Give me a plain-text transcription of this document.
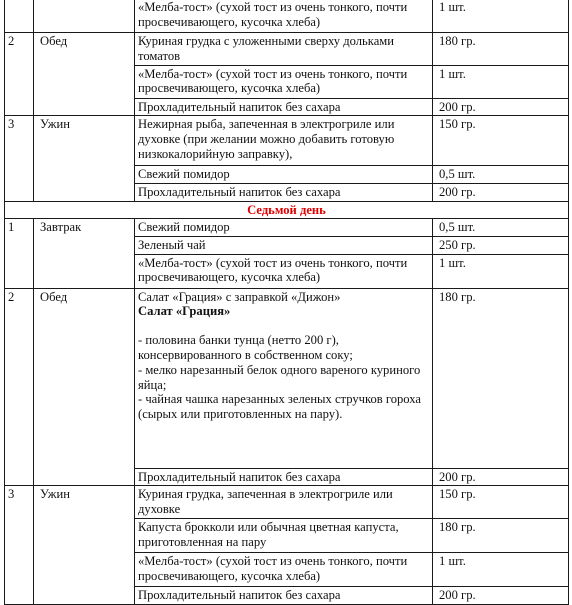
		«Мелба-тост» (сухой тост из очень тонкого, почти просвечивающего, кусочка хлеба)	1 шт.
2	Обед	Куриная грудка с уложенными сверху дольками томатов	180 гр.
		«Мелба-тост» (сухой тост из очень тонкого, почти просвечивающего, кусочка хлеба)	1 шт.
		Прохладительный напиток без сахара	200 гр.
3	Ужин	Нежирная рыба, запеченная в электрогриле или духовке (при желании можно добавить готовую низкокалорийную заправку),	150 гр.
		Свежий помидор	0,5 шт.
		Прохладительный напиток без сахара	200 гр.
Седьмой день			
1	Завтрак	Свежий помидор	0,5 шт.
		Зеленый чай	250 гр.
		«Мелба-тост» (сухой тост из очень тонкого, почти просвечивающего, кусочка хлеба)	1 шт.
2	Обед	Салат «Грация» с заправкой «Дижон»
Салат «Грация»
- половина банки тунца (нетто 200 г), консервированного в собственном соку;
- мелко нарезанный белок одного вареного куриного яйца;
- чайная чашка нарезанных зеленых стручков гороха (сырых или приготовленных на пару).	180 гр.
		Прохладительный напиток без сахара	200 гр.
3	Ужин	Куриная грудка, запеченная в электрогриле или духовке	150 гр.
		Капуста брокколи или обычная цветная капуста, приготовленная на пару	180 гр.
		«Мелба-тост» (сухой тост из очень тонкого, почти просвечивающего, кусочка хлеба)	1 шт.
		Прохладительный напиток без сахара	200 гр.
